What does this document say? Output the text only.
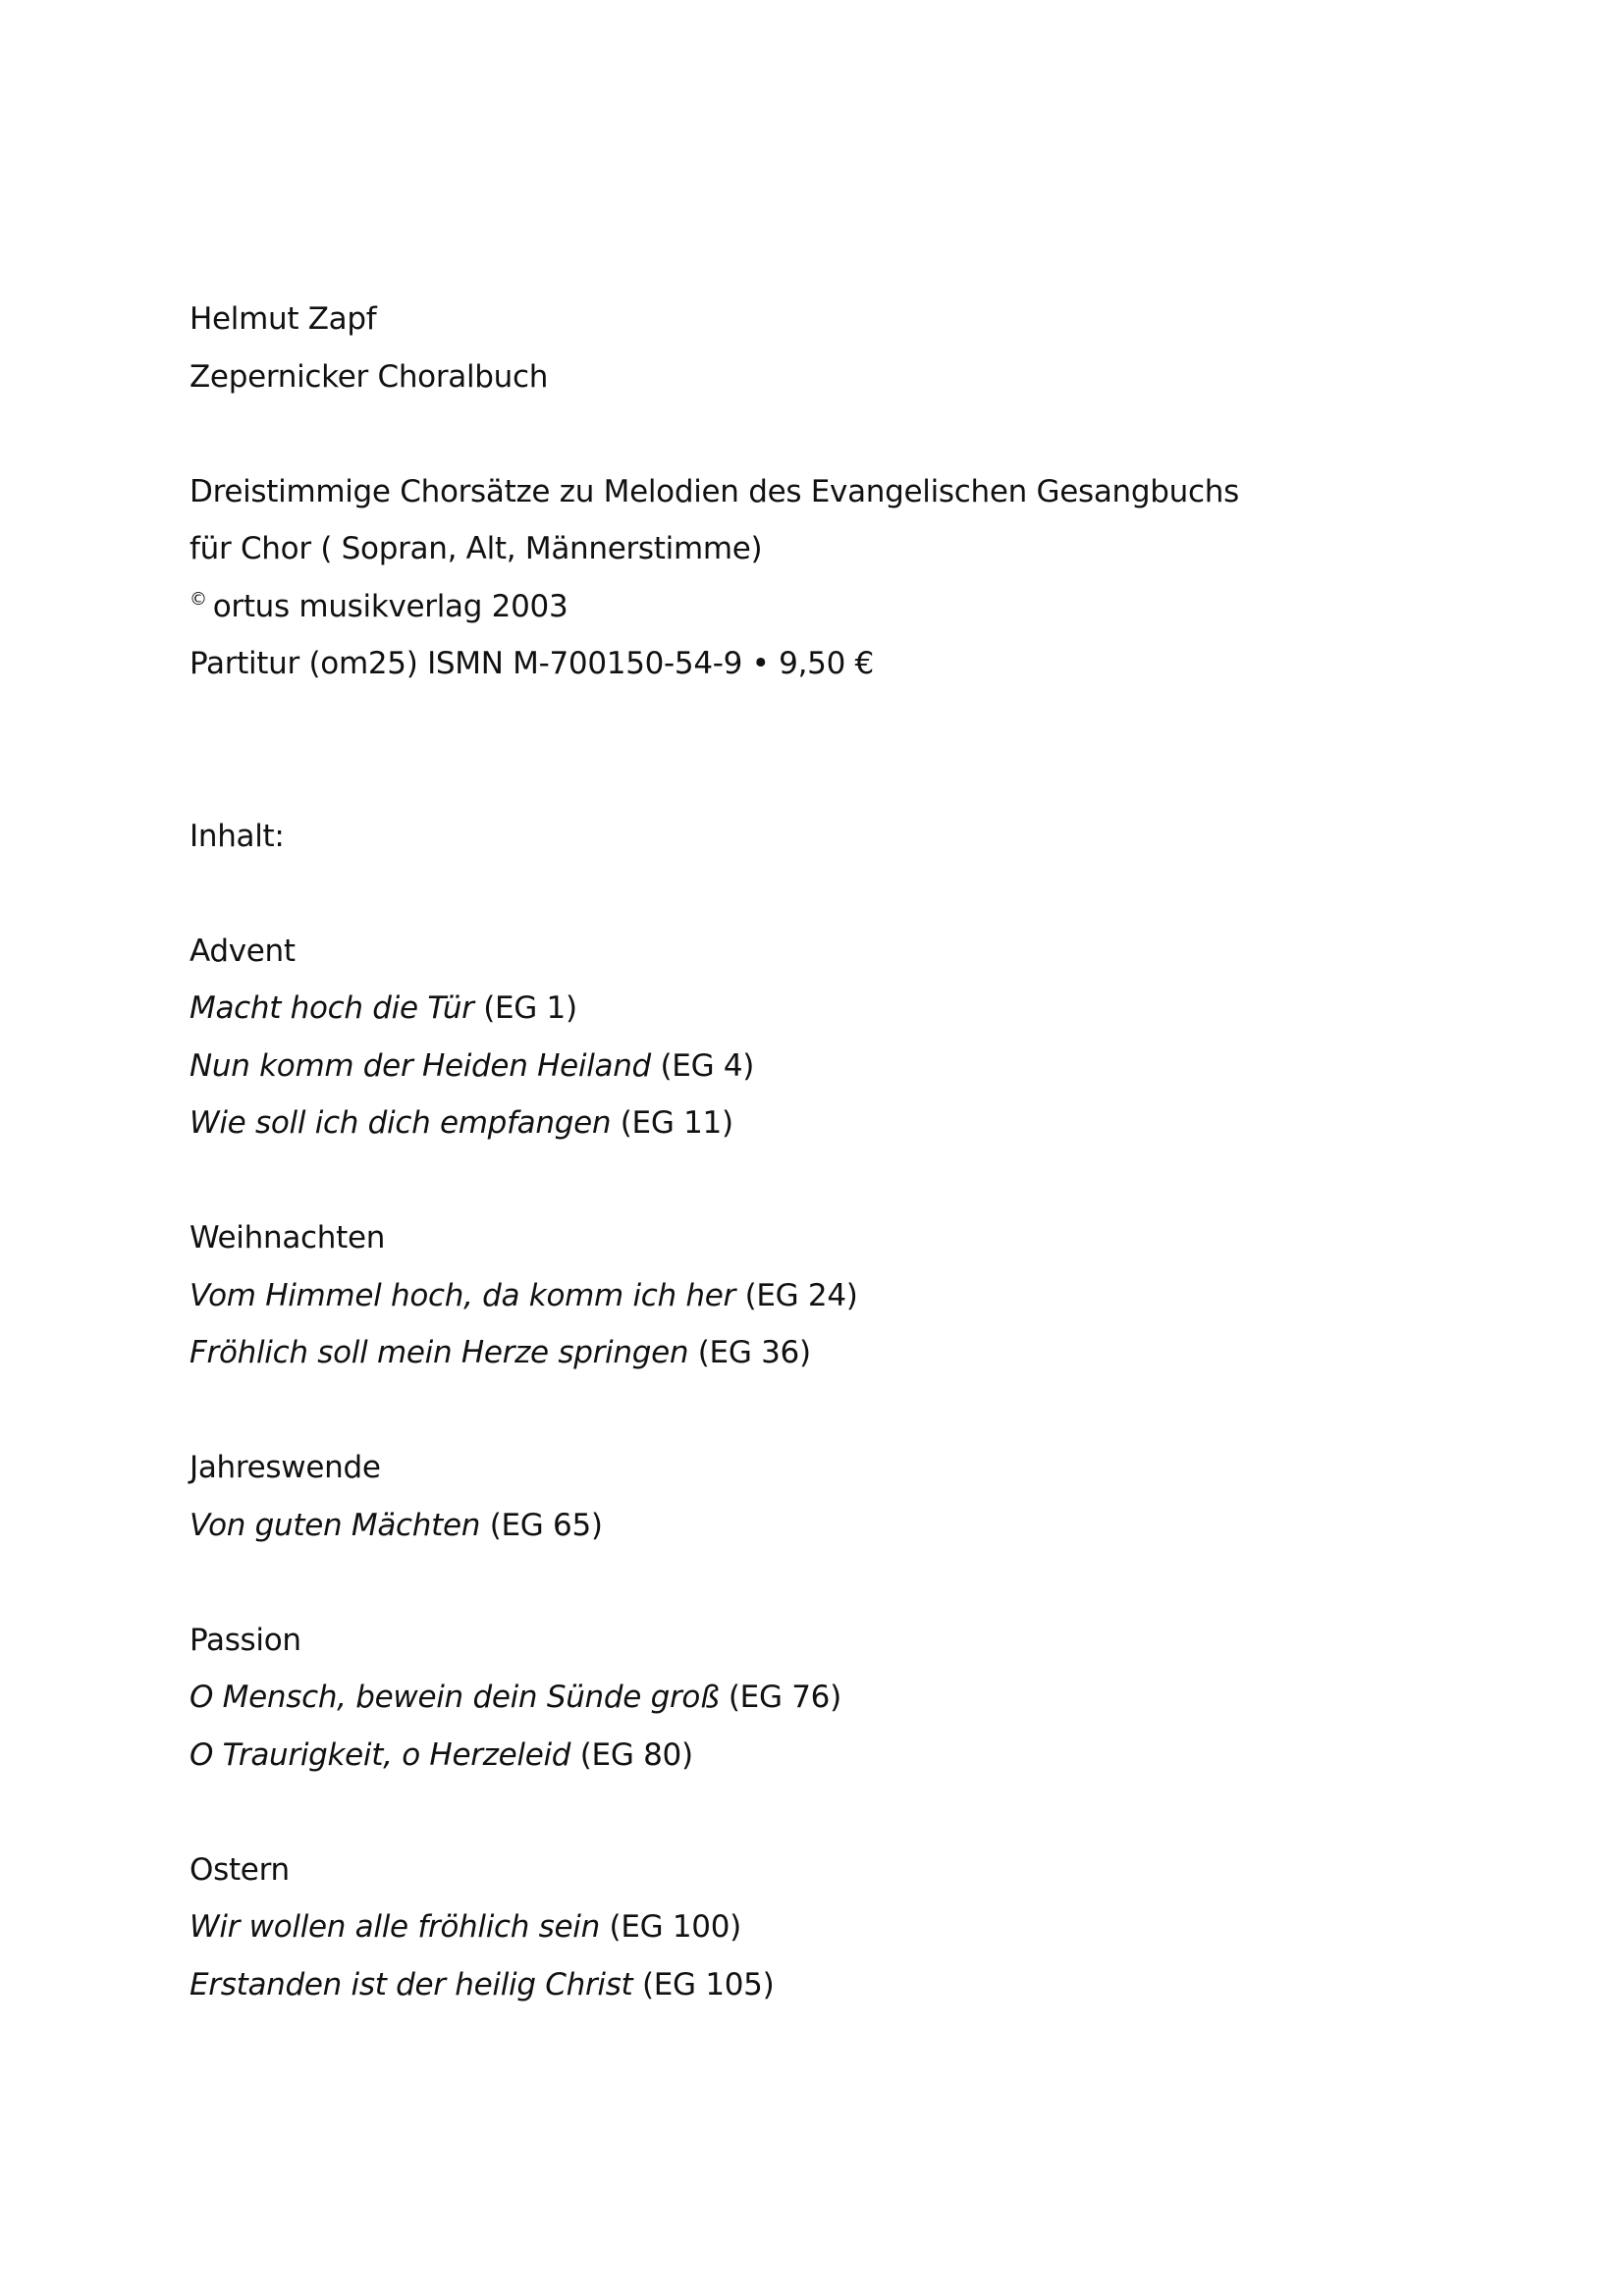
Helmut Zapf
Zepernicker Choralbuch
Dreistimmige Chorsätze zu Melodien des Evangelischen Gesangbuchs
für Chor ( Sopran, Alt, Männerstimme)
© ortus musikverlag 2003
Partitur (om25) ISMN M-700150-54-9 • 9,50 €
Inhalt:
Advent
Macht hoch die Tür (EG 1)
Nun komm der Heiden Heiland (EG 4)
Wie soll ich dich empfangen (EG 11)
Weihnachten
Vom Himmel hoch, da komm ich her (EG 24)
Fröhlich soll mein Herze springen (EG 36)
Jahreswende
Von guten Mächten (EG 65)
Passion
O Mensch, bewein dein Sünde groß (EG 76)
O Traurigkeit, o Herzeleid (EG 80)
Ostern
Wir wollen alle fröhlich sein (EG 100)
Erstanden ist der heilig Christ (EG 105)
